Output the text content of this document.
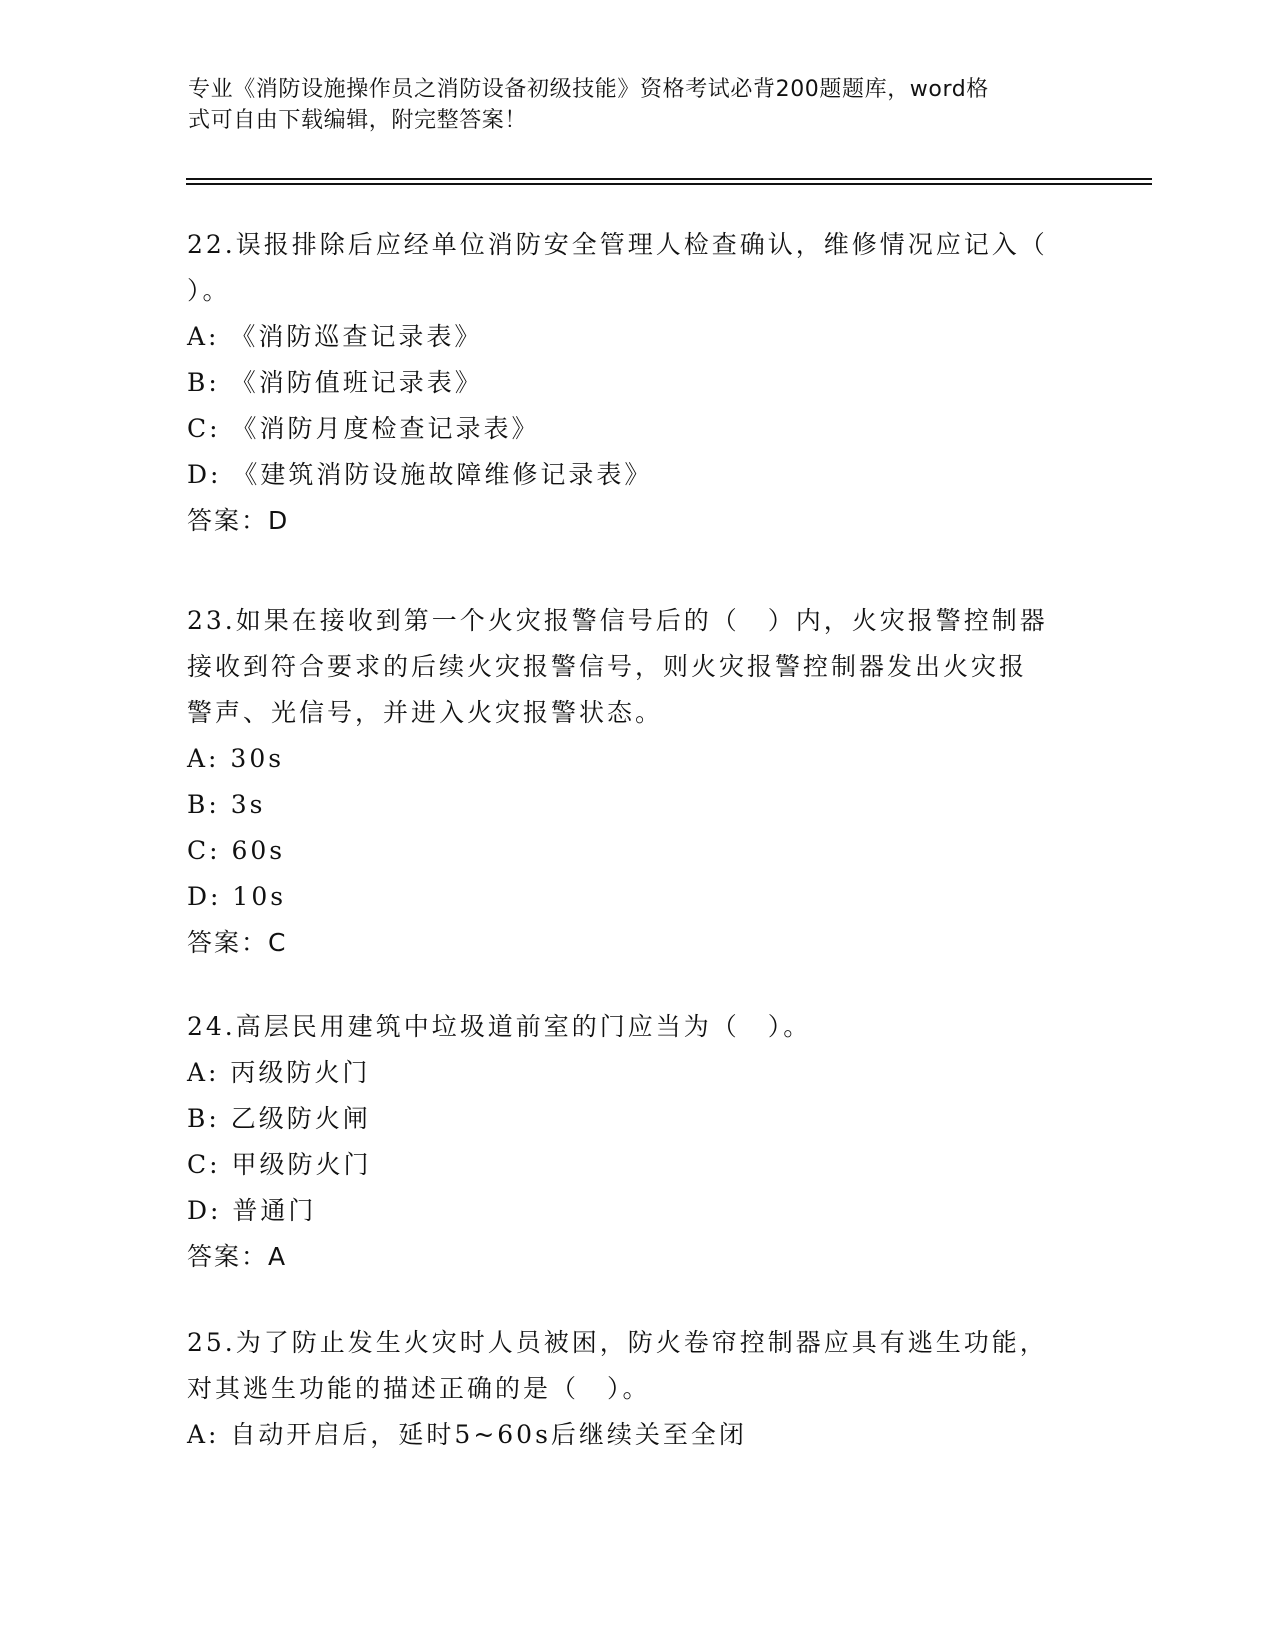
专业《消防设施操作员之消防设备初级技能》资格考试必背200题题库，word格
式可自由下载编辑，附完整答案！
22.误报排除后应经单位消防安全管理人检查确认，维修情况应记入（
）。
A: 《消防巡查记录表》
B: 《消防值班记录表》
C: 《消防月度检查记录表》
D: 《建筑消防设施故障维修记录表》
答案：D
23.如果在接收到第一个火灾报警信号后的（　）内，火灾报警控制器
接收到符合要求的后续火灾报警信号，则火灾报警控制器发出火灾报
警声、光信号，并进入火灾报警状态。
A: 30s
B: 3s
C: 60s
D: 10s
答案：C
24.高层民用建筑中垃圾道前室的门应当为（　）。
A: 丙级防火门
B: 乙级防火闸
C: 甲级防火门
D: 普通门
答案：A
25.为了防止发生火灾时人员被困，防火卷帘控制器应具有逃生功能，
对其逃生功能的描述正确的是（　）。
A: 自动开启后，延时5~60s后继续关至全闭
